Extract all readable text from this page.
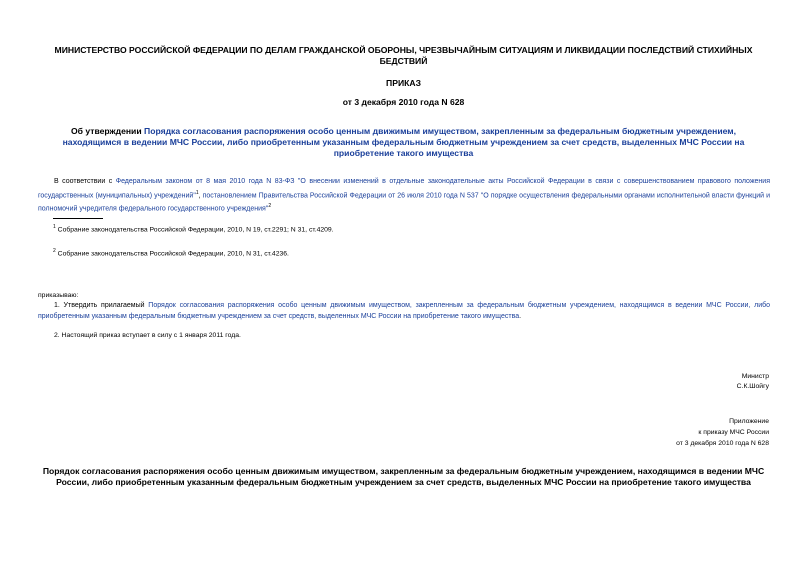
МИНИСТЕРСТВО РОССИЙСКОЙ ФЕДЕРАЦИИ ПО ДЕЛАМ ГРАЖДАНСКОЙ ОБОРОНЫ, ЧРЕЗВЫЧАЙНЫМ СИТУАЦИЯМ И ЛИКВИДАЦИИ ПОСЛЕДСТВИЙ СТИХИЙНЫХ БЕДСТВИЙ
ПРИКАЗ
от 3 декабря 2010 года N 628
Об утверждении Порядка согласования распоряжения особо ценным движимым имуществом, закрепленным за федеральным бюджетным учреждением, находящимся в ведении МЧС России, либо приобретенным указанным федеральным бюджетным учреждением за счет средств, выделенных МЧС России на приобретение такого имущества

В соответствии с Федеральным законом от 8 мая 2010 года N 83-ФЗ "О внесении изменений в отдельные законодательные акты Российской Федерации в связи с совершенствованием правового положения государственных (муниципальных) учреждений"$^1$, постановлением Правительства Российской Федерации от 26 июля 2010 года N 537 "О порядке осуществления федеральными органами исполнительной власти функций и полномочий учредителя федерального государственного учреждения"$^2$

$^1$ Собрание законодательства Российской Федерации, 2010, N 19, ст.2291; N 31, ст.4209.
$^2$ Собрание законодательства Российской Федерации, 2010, N 31, ст.4236.
приказываю:

1. Утвердить прилагаемый Порядок согласования распоряжения особо ценным движимым имуществом, закрепленным за федеральным бюджетным учреждением, находящимся в ведении МЧС России, либо приобретенным указанным федеральным бюджетным учреждением за счет средств, выделенных МЧС России на приобретение такого имущества.

2. Настоящий приказ вступает в силу с 1 января 2011 года.
Министр
С.К.Шойгу
Приложение
к приказу МЧС России
от 3 декабря 2010 года N 628
Порядок согласования распоряжения особо ценным движимым имуществом, закрепленным за федеральным бюджетным учреждением, находящимся в ведении МЧС России, либо приобретенным указанным федеральным бюджетным учреждением за счет средств, выделенных МЧС России на приобретение такого имущества
